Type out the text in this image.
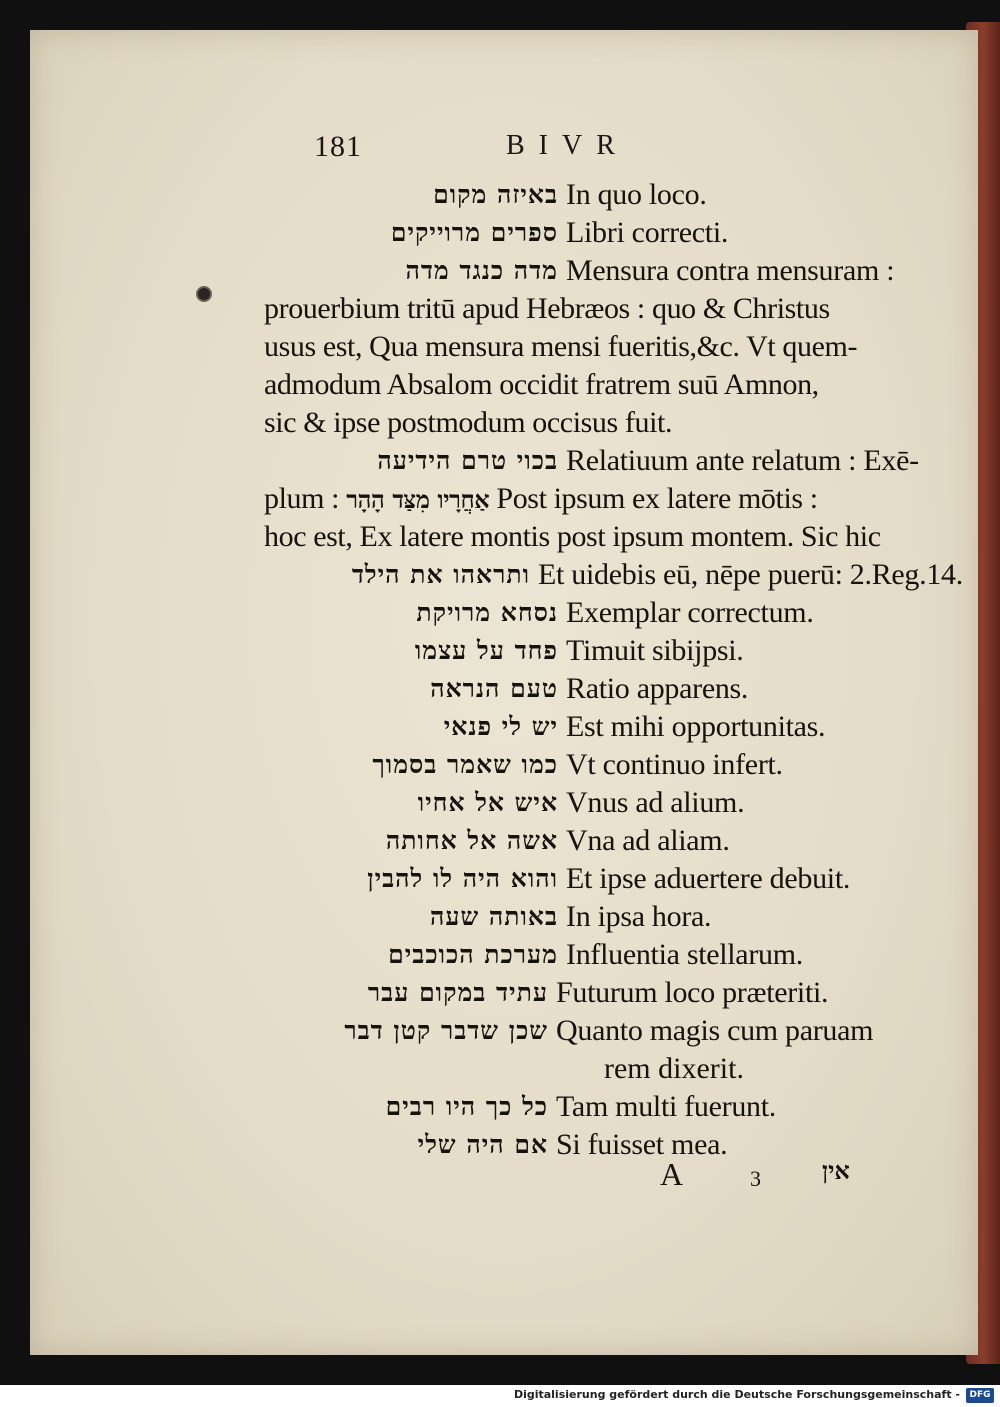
181	BIVR
באיזה מקום In quo loco.
ספרים מרוייקים Libri correcti.
מדה כנגד מדה Mensura contra mensuram :
prouerbium tritū apud Hebræos : quo & Christus
usus est, Qua mensura mensi fueritis,&c. Vt quem-
admodum Absalom occidit fratrem suū Amnon,
sic & ipse postmodum occisus fuit.
בכוי טרם הידיעה Relatiuum ante relatum : Exē-
plum : אַחֲרָיו מִצַּד הָהָר Post ipsum ex latere mōtis :
hoc est, Ex latere montis post ipsum montem. Sic hic
ותראהו את הילד Et uidebis eū, nēpe puerū: 2.Reg.14.
נסחא מרויקת Exemplar correctum.
פחד על עצמו Timuit sibijpsi.
טעם הנראה Ratio apparens.
יש לי פנאי Est mihi opportunitas.
כמו שאמר בסמוך Vt continuo infert.
איש אל אחיו Vnus ad alium.
אשה אל אחותה Vna ad aliam.
והוא היה לו להבין Et ipse aduertere debuit.
באותה שעה In ipsa hora.
מערכת הכוכבים Influentia stellarum.
עתיד במקום עבר Futurum loco præteriti.
שכן שדבר קטן דבר Quanto magis cum paruam
rem dixerit.
כל כך היו רבים Tam multi fuerunt.
אם היה שלי Si fuisset mea.
A	3	אין
Digitalisierung gefördert durch die Deutsche Forschungsgemeinschaft -	DFG
